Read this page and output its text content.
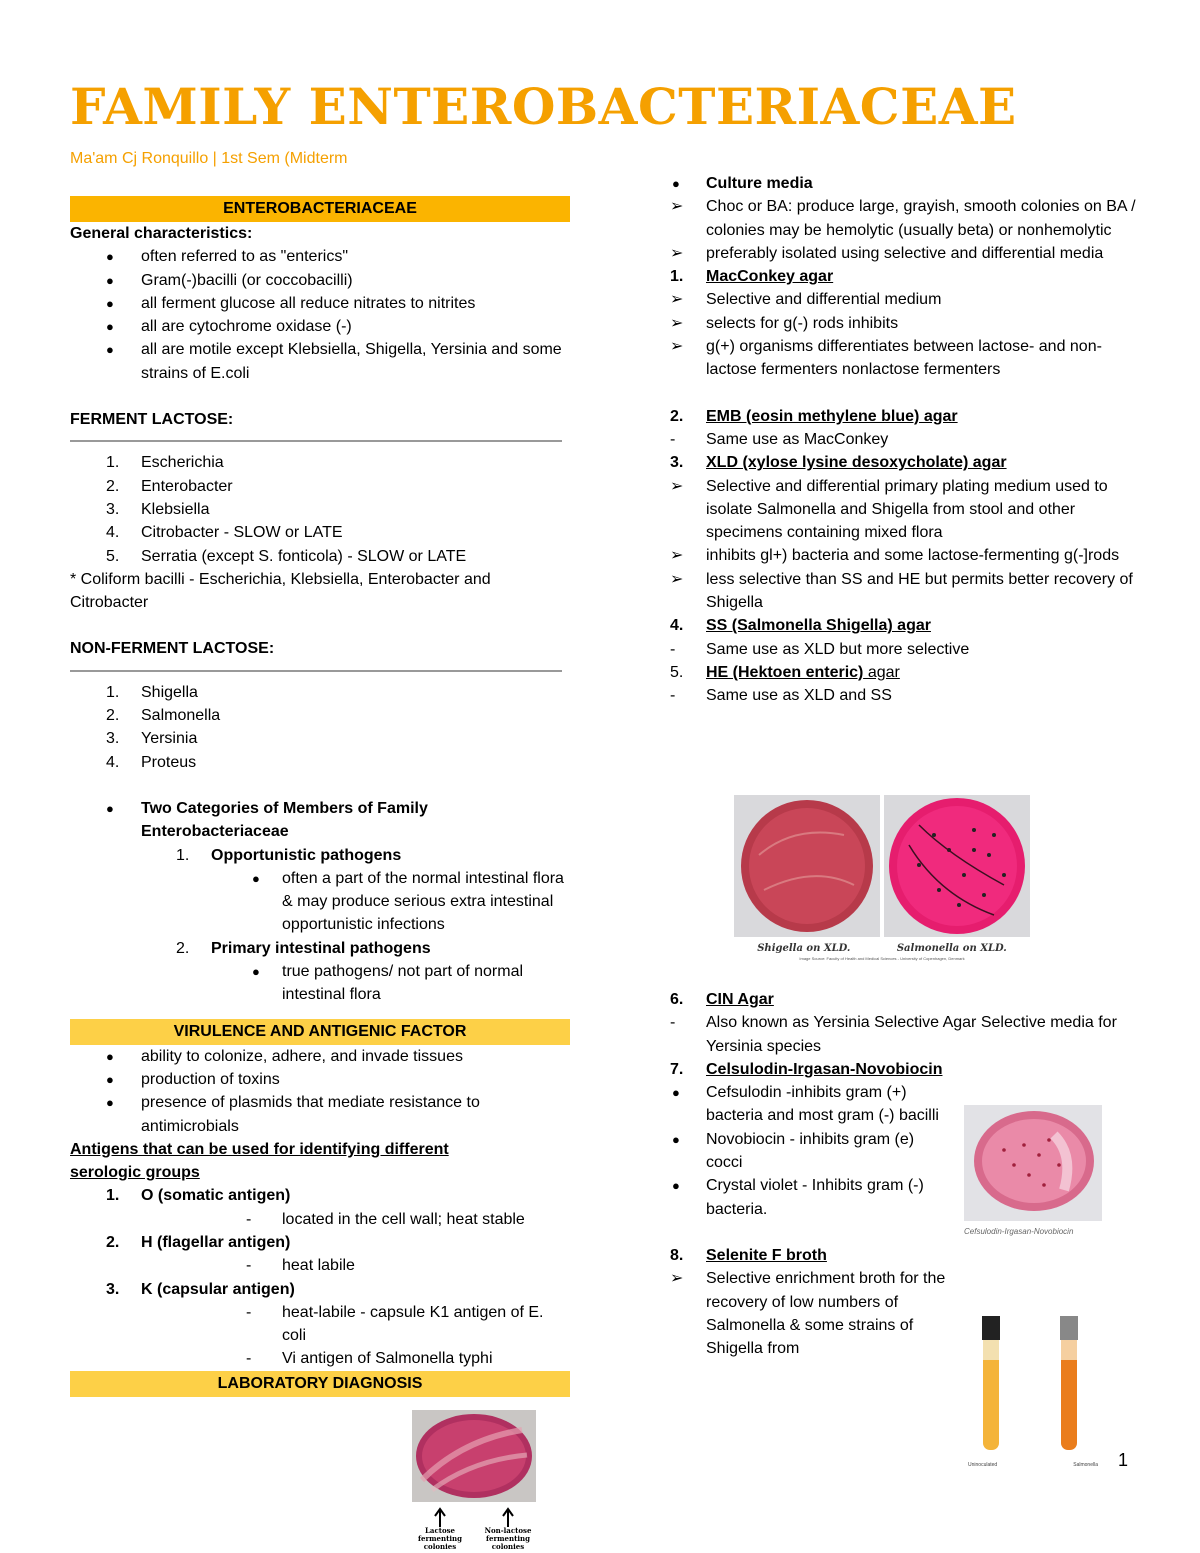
FAMILY ENTEROBACTERIACEAE

Ma'am Cj Ronquillo | 1st Sem (Midterm

ENTEROBACTERIACEAE
General characteristics:
● often referred to as "enterics"
● Gram(-)bacilli (or coccobacilli)
● all ferment glucose all reduce nitrates to nitrites
● all are cytochrome oxidase (-)
● all are motile except Klebsiella, Shigella, Yersinia and some strains of E.coli
FERMENT LACTOSE:
1. Escherichia
2. Enterobacter
3. Klebsiella
4. Citrobacter - SLOW or LATE
5. Serratia (except S. fonticola) - SLOW or LATE
* Coliform bacilli - Escherichia, Klebsiella, Enterobacter and Citrobacter
NON-FERMENT LACTOSE:
1. Shigella
2. Salmonella
3. Yersinia
4. Proteus
● Two Categories of Members of Family Enterobacteriaceae
1. Opportunistic pathogens
● often a part of the normal intestinal flora & may produce serious extra intestinal opportunistic infections
2. Primary intestinal pathogens
● true pathogens/ not part of normal intestinal flora
VIRULENCE AND ANTIGENIC FACTOR
● ability to colonize, adhere, and invade tissues
● production of toxins
● presence of plasmids that mediate resistance to antimicrobials
Antigens that can be used for identifying different serologic groups
1. O (somatic antigen)
- located in the cell wall; heat stable
2. H (flagellar antigen)
- heat labile
3. K (capsular antigen)
- heat-labile - capsule K1 antigen of E. coli
- Vi antigen of Salmonella typhi
LABORATORY DIAGNOSIS
Lactose fermenting colonies
Non-lactose fermenting colonies
● Culture media
➢ Choc or BA: produce large, grayish, smooth colonies on BA / colonies may be hemolytic (usually beta) or nonhemolytic
➢ preferably isolated using selective and differential media
1. MacConkey agar
➢ Selective and differential medium
➢ selects for g(-) rods inhibits
➢ g(+) organisms differentiates between lactose- and non-lactose fermenters nonlactose fermenters
2. EMB (eosin methylene blue) agar
- Same use as MacConkey
3. XLD (xylose lysine desoxycholate) agar
➢ Selective and differential primary plating medium used to isolate Salmonella and Shigella from stool and other specimens containing mixed flora
➢ inhibits gl+) bacteria and some lactose-fermenting g(-]rods
➢ less selective than SS and HE but permits better recovery of Shigella
4. SS (Salmonella Shigella) agar
- Same use as XLD but more selective
5. HE (Hektoen enteric) agar
- Same use as XLD and SS
Shigella on XLD.	Salmonella on XLD.
Image Source: Faculty of Health and Medical Sciences - University of Copenhagen, Denmark
6. CIN Agar
- Also known as Yersinia Selective Agar Selective media for Yersinia species
7. Celsulodin-Irgasan-Novobiocin
● Cefsulodin -inhibits gram (+) bacteria and most gram (-) bacilli
● Novobiocin - inhibits gram (e) cocci
● Crystal violet - Inhibits gram (-) bacteria.
8. Selenite F broth
➢ Selective enrichment broth for the recovery of low numbers of Salmonella & some strains of Shigella from
Cefsulodin-Irgasan-Novobiocin
Uninoculated	Salmonella 1
